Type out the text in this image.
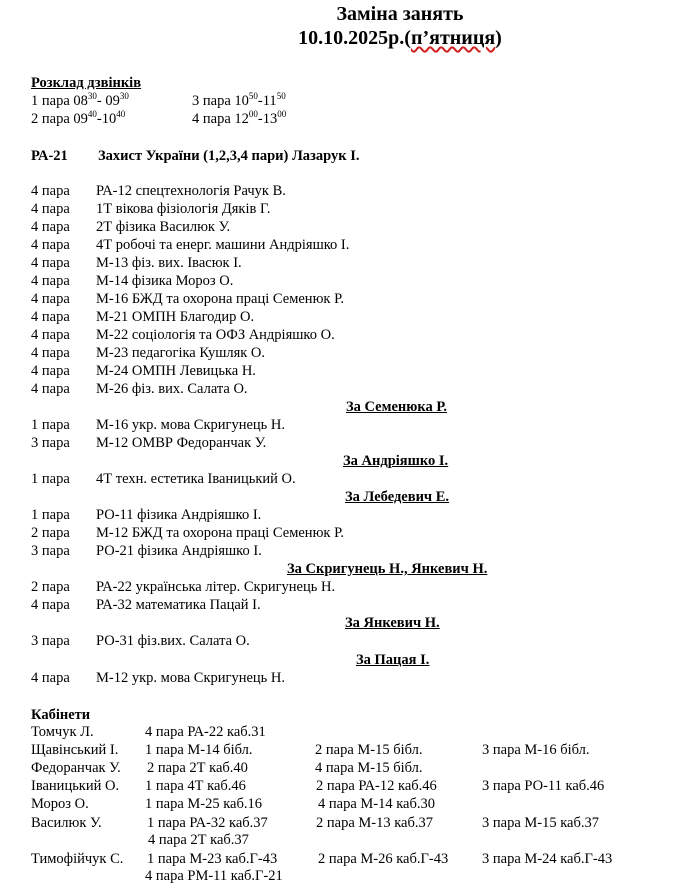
Заміна занять
10.10.2025р.(п’ятниця)
Розклад дзвінків
1 пара $08^{30}-$ $09^{30}$	3 пара $10^{50}-11^{50}$
2 пара $09^{40}-10^{40}$	4 пара $12^{00}-13^{00}$
РА-21 Захист України (1,2,3,4 пари) Лазарук І.
4 пара РА-12 спецтехнологія Рачук В.
4 пара 1Т вікова фізіологія Дяків Г.
4 пара 2Т фізика Василюк У.
4 пара 4Т робочі та енерг. машини Андріяшко І.
4 пара М-13 фіз. вих. Івасюк І.
4 пара М-14 фізика Мороз О.
4 пара М-16 БЖД та охорона праці Семенюк Р.
4 пара М-21 ОМПН Благодир О.
4 пара М-22 соціологія та ОФЗ Андріяшко О.
4 пара М-23 педагогіка Кушляк О.
4 пара М-24 ОМПН Левицька Н.
4 пара М-26 фіз. вих. Салата О.
За Семенюка Р.
1 пара М-16 укр. мова Скригунець Н.
3 пара М-12 ОМВР Федоранчак У.
За Андріяшко І.
1 пара 4Т техн. естетика Іваницький О.
За Лебедевич Е.
1 пара РО-11 фізика Андріяшко І.
2 пара М-12 БЖД та охорона праці Семенюк Р.
3 пара РО-21 фізика Андріяшко І.
За Скригунець Н., Янкевич Н.
2 пара РА-22 українська літер. Скригунець Н.
4 пара РА-32 математика Пацай І.
За Янкевич Н.
3 пара РО-31 фіз.вих. Салата О.
За Пацая І.
4 пара М-12 укр. мова Скригунець Н.
Кабінети
Томчук Л.	4 пара РА-22 каб.31
Щавінський І. 1 пара М-14 бібл.	2 пара М-15 бібл.	3 пара М-16 бібл.
Федоранчак У. 2 пара 2Т каб.40	4 пара М-15 бібл.
Іваницький О. 1 пара 4Т каб.46	2 пара РА-12 каб.46	3 пара РО-11 каб.46
Мороз О.	1 пара М-25 каб.16	4 пара М-14 каб.30
Василюк У.	1 пара РА-32 каб.37	2 пара М-13 каб.37	3 пара М-15 каб.37
4 пара 2Т каб.37
Тимофійчук С. 1 пара М-23 каб.Г-43	2 пара М-26 каб.Г-43 3 пара М-24 каб.Г-43
4 пара РМ-11 каб.Г-21
